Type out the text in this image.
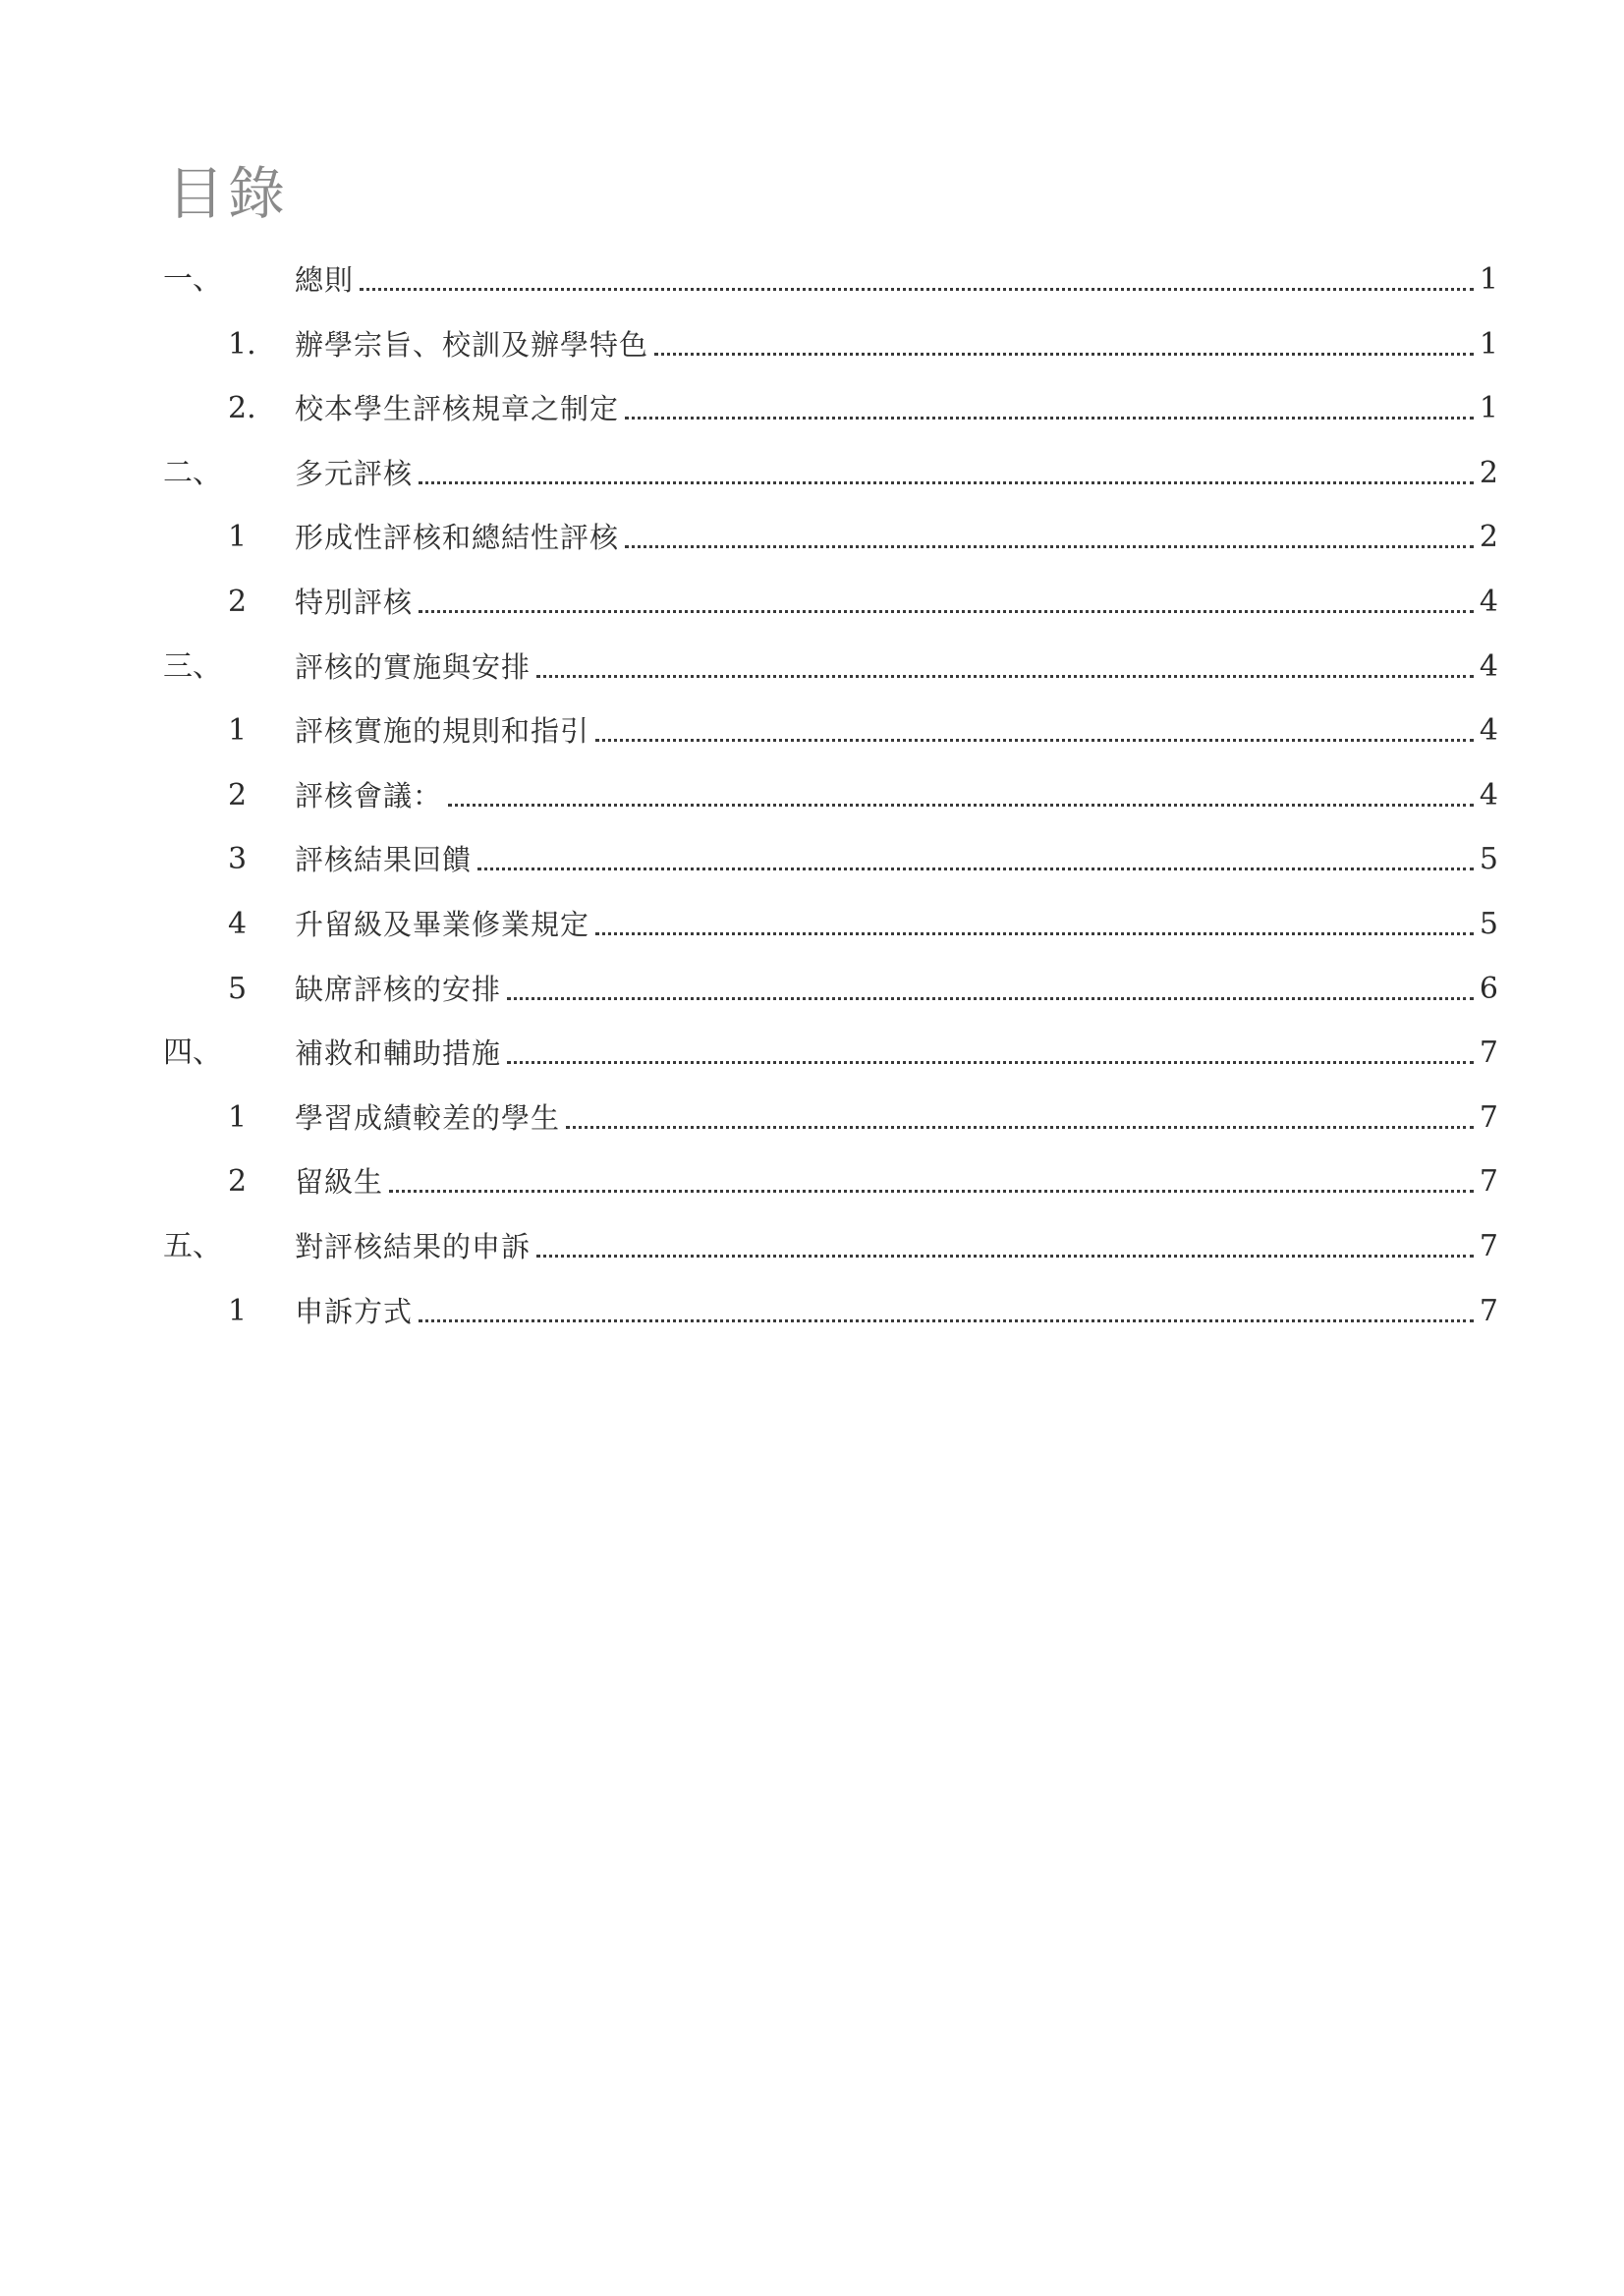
目錄
一、	總則	1
1. 辦學宗旨、校訓及辦學特色	1
2. 校本學生評核規章之制定	1
二、	多元評核	2
1 形成性評核和總結性評核	2
2 特別評核	4
三、	評核的實施與安排	4
1 評核實施的規則和指引	4
2 評核會議：	4
3 評核結果回饋	5
4 升留級及畢業修業規定	5
5 缺席評核的安排	6
四、	補救和輔助措施	7
1 學習成績較差的學生	7
2 留級生	7
五、	對評核結果的申訴	7
1 申訴方式	7
